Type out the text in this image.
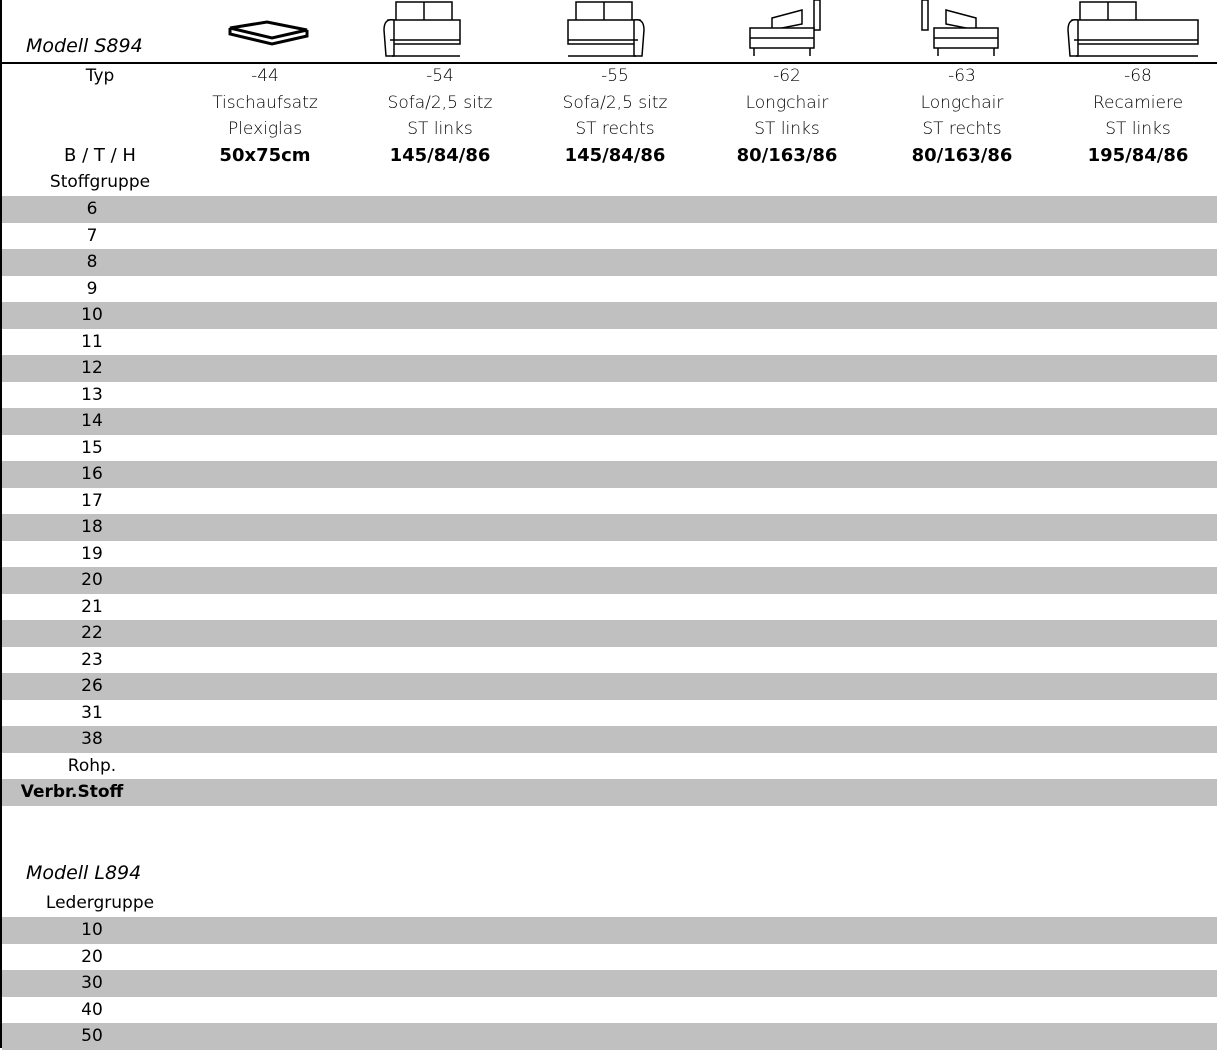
Modell S894
Typ
B / T / H
Stoffgruppe
-44
Tischaufsatz
Plexiglas
50x75cm
-54
Sofa/2,5 sitz
ST links
145/84/86
-55
Sofa/2,5 sitz
ST rechts
145/84/86
-62
Longchair
ST links
80/163/86
-63
Longchair
ST rechts
80/163/86
-68
Recamiere
ST links
195/84/86
6
7
8
9
10
11
12
13
14
15
16
17
18
19
20
21
22
23
26
31
38
Rohp.
Verbr.Stoff
Modell L894
Ledergruppe
10
20
30
40
50
